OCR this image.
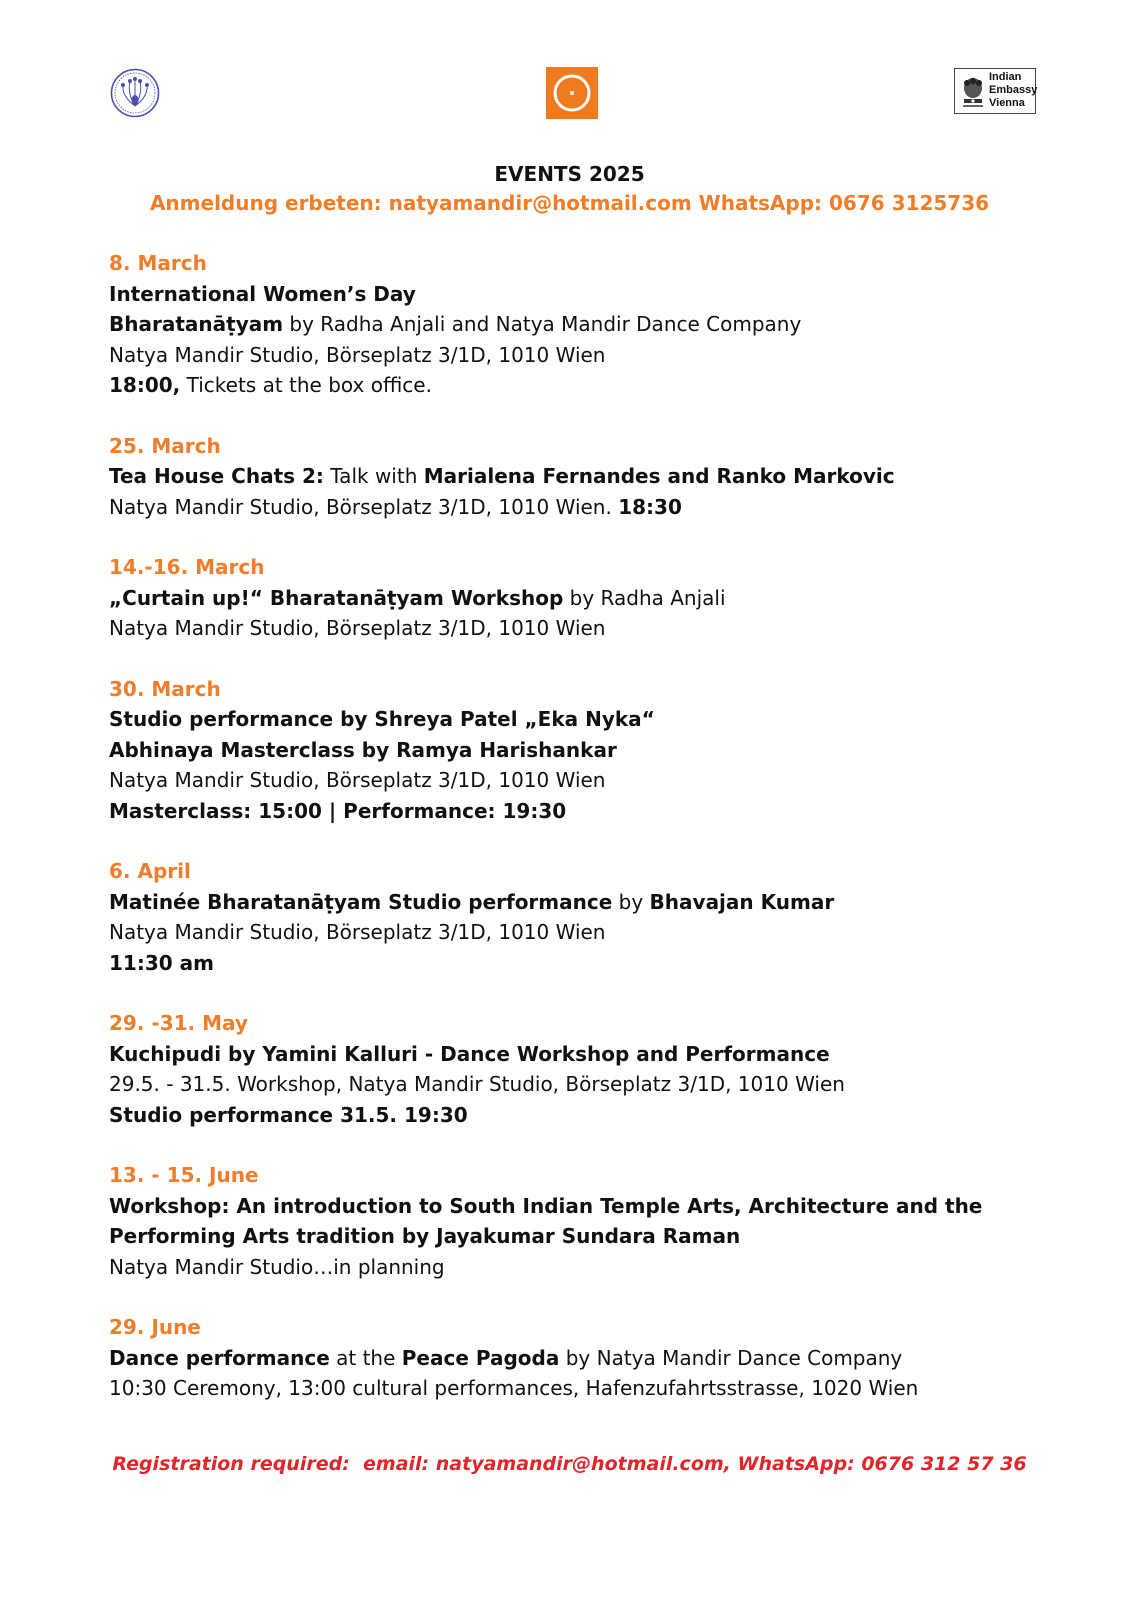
Indian
Embassy
Vienna
EVENTS 2025
Anmeldung erbeten: natyamandir@hotmail.com WhatsApp: 0676 3125736
8. March
International Women’s Day
Bharatanāṭyam by Radha Anjali and Natya Mandir Dance Company
Natya Mandir Studio, Börseplatz 3/1D, 1010 Wien
18:00, Tickets at the box office.
25. March
Tea House Chats 2: Talk with Marialena Fernandes and Ranko Markovic
Natya Mandir Studio, Börseplatz 3/1D, 1010 Wien. 18:30
14.-16. March
„Curtain up!“ Bharatanāṭyam Workshop by Radha Anjali
Natya Mandir Studio, Börseplatz 3/1D, 1010 Wien
30. March
Studio performance by Shreya Patel „Eka Nyka“
Abhinaya Masterclass by Ramya Harishankar
Natya Mandir Studio, Börseplatz 3/1D, 1010 Wien
Masterclass: 15:00 | Performance: 19:30
6. April
Matinée Bharatanāṭyam Studio performance by Bhavajan Kumar
Natya Mandir Studio, Börseplatz 3/1D, 1010 Wien
11:30 am
29. -31. May
Kuchipudi by Yamini Kalluri - Dance Workshop and Performance
29.5. - 31.5. Workshop, Natya Mandir Studio, Börseplatz 3/1D, 1010 Wien
Studio performance 31.5. 19:30
13. - 15. June
Workshop: An introduction to South Indian Temple Arts, Architecture and the
Performing Arts tradition by Jayakumar Sundara Raman
Natya Mandir Studio…in planning
29. June
Dance performance at the Peace Pagoda by Natya Mandir Dance Company
10:30 Ceremony, 13:00 cultural performances, Hafenzufahrtsstrasse, 1020 Wien
Registration required:  email: natyamandir@hotmail.com, WhatsApp: 0676 312 57 36
